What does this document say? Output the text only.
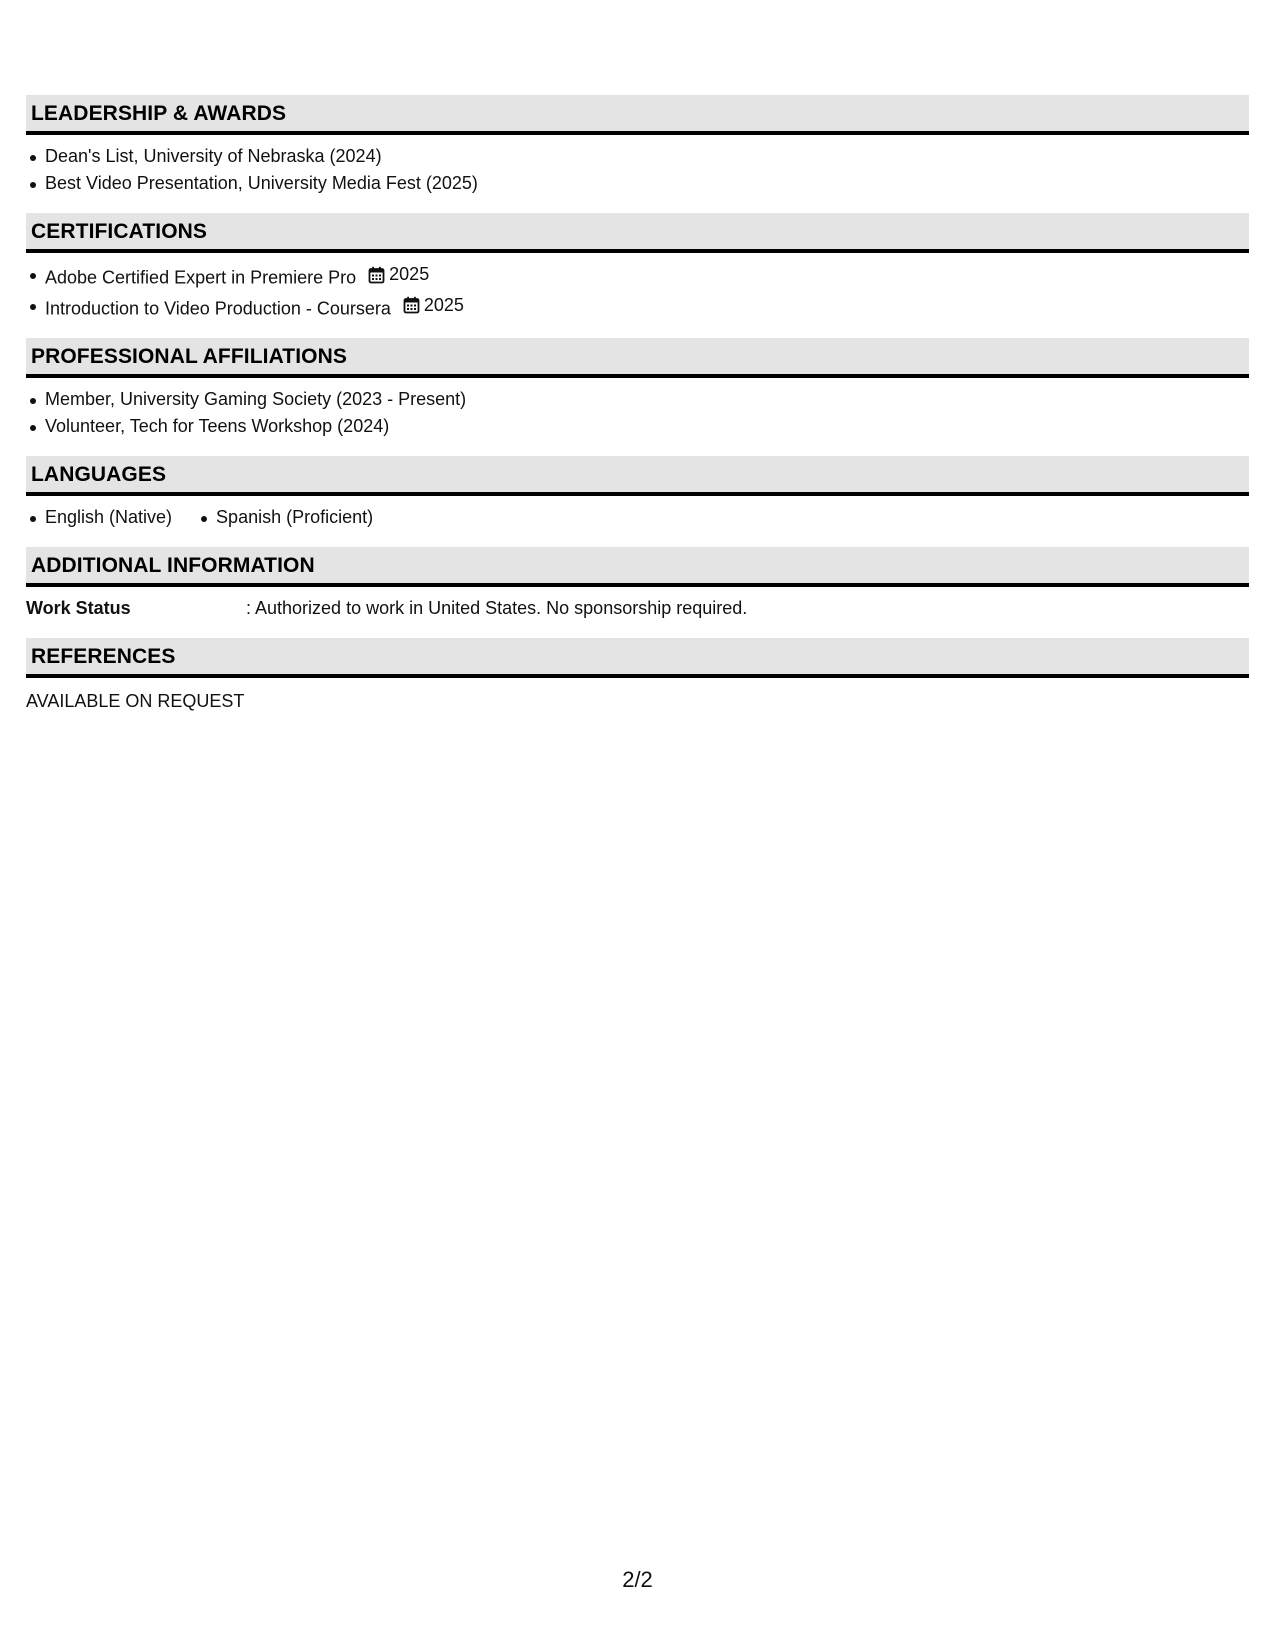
LEADERSHIP & AWARDS
Dean's List, University of Nebraska (2024)
Best Video Presentation, University Media Fest (2025)
CERTIFICATIONS
Adobe Certified Expert in Premiere Pro 2025
Introduction to Video Production - Coursera 2025
PROFESSIONAL AFFILIATIONS
Member, University Gaming Society (2023 - Present)
Volunteer, Tech for Teens Workshop (2024)
LANGUAGES
English (Native)	Spanish (Proficient)
ADDITIONAL INFORMATION
Work Status	: Authorized to work in United States. No sponsorship required.
REFERENCES
AVAILABLE ON REQUEST
2/2
